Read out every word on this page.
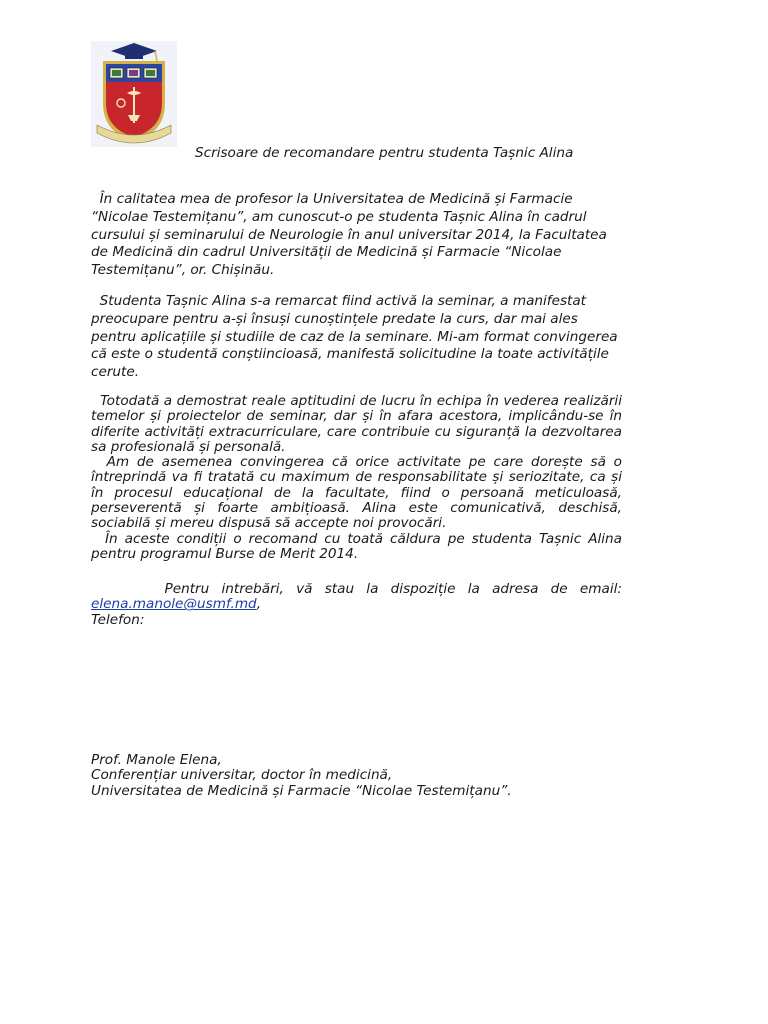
Scrisoare de recomandare pentru studenta Tașnic Alina

În calitatea mea de profesor la Universitatea de Medicină și Farmacie “Nicolae Testemițanu”, am cunoscut-o pe studenta Tașnic Alina în cadrul cursului și seminarului de Neurologie în anul universitar 2014, la Facultatea de Medicină din cadrul Universității de Medicină și Farmacie “Nicolae Testemițanu”, or. Chișinău.

Studenta Tașnic Alina s-a remarcat fiind activă la seminar, a manifestat preocupare pentru a-și însuși cunoștințele predate la curs, dar mai ales pentru aplicațiile și studiile de caz de la seminare. Mi-am format convingerea că este o studentă conștiincioasă, manifestă solicitudine la toate activitățile cerute.

Totodată a demostrat reale aptitudini de lucru în echipa în vederea realizării temelor și proiectelor de seminar, dar și în afara acestora, implicându-se în diferite activități extracurriculare, care contribuie cu siguranță la dezvoltarea sa profesională și personală.

Am de asemenea convingerea că orice activitate pe care dorește să o întreprindă va fi tratată cu maximum de responsabilitate și seriozitate, ca și în procesul educațional de la facultate, fiind o persoană meticuloasă, perseverentă și foarte ambițioasă. Alina este comunicativă, deschisă, sociabilă și mereu dispusă să accepte noi provocări.

În aceste condiții o recomand cu toată căldura pe studenta Tașnic Alina pentru programul Burse de Merit 2014.

Pentru intrebări, vă stau la dispoziție la adresa de email:

elena.manole@usmf.md,

Telefon:

Prof. Manole Elena,

Conferențiar universitar, doctor în medicină,

Universitatea de Medicină și Farmacie “Nicolae Testemițanu”.
